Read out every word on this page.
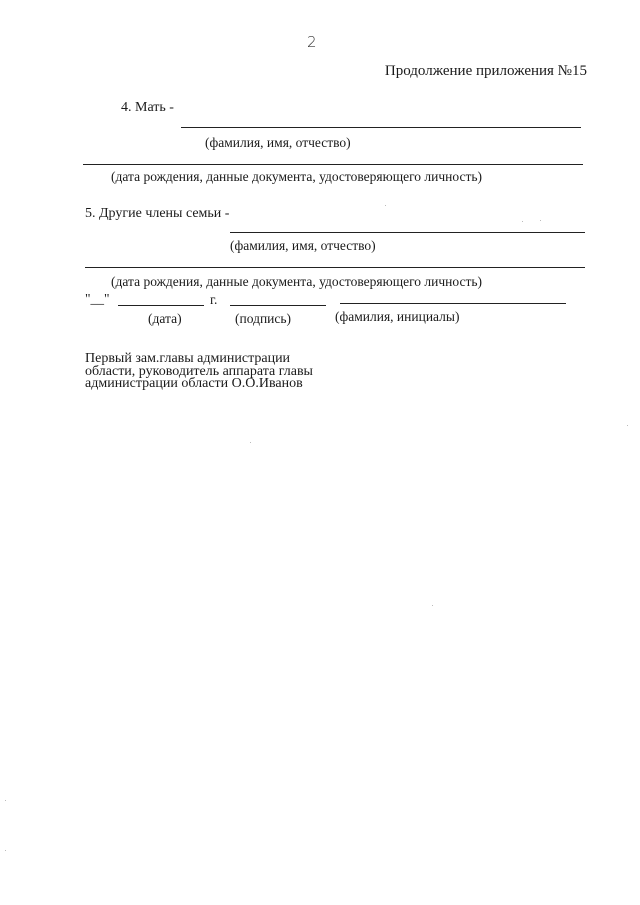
2
Продолжение приложения №15
4. Мать -
(фамилия, имя, отчество)
(дата рождения, данные документа, удостоверяющего личность)
5. Другие члены семьи -
(фамилия, имя, отчество)
(дата рождения, данные документа, удостоверяющего личность)
"__"	г.
(дата)	(подпись)	(фамилия, инициалы)
Первый зам.главы администрации
области, руководитель аппарата главы
администрации области О.О.Иванов
